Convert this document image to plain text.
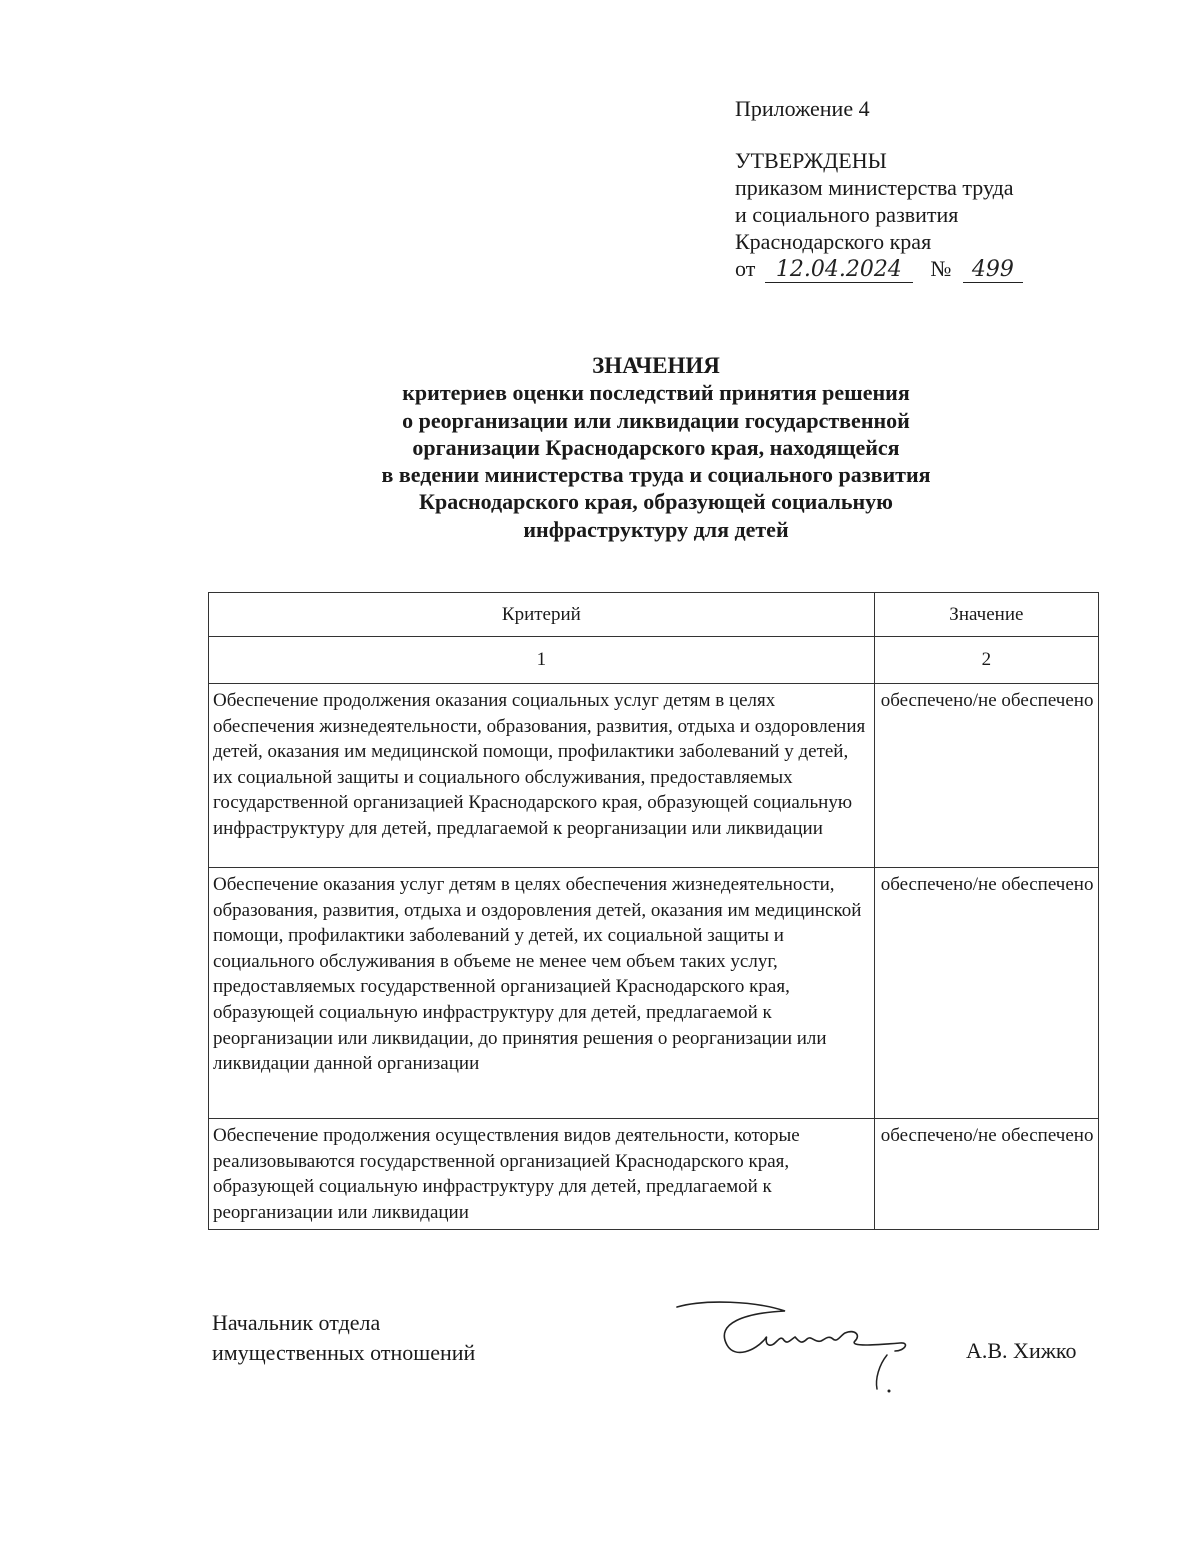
Приложение 4
УТВЕРЖДЕНЫ
приказом министерства труда
и социального развития
Краснодарского края
от 12.04.2024 № 499
ЗНАЧЕНИЯ
критериев оценки последствий принятия решения
о реорганизации или ликвидации государственной
организации Краснодарского края, находящейся
в ведении министерства труда и социального развития
Краснодарского края, образующей социальную
инфраструктуру для детей
Критерий	Значение
1	2

Обеспечение продолжения оказания социальных услуг детям в целях обеспечения жизнедеятельности, образования, развития, отдыха и оздоровления детей, оказания им медицинской помощи, профилактики заболеваний у детей, их социальной защиты и социального обслуживания, предоставляемых государственной организацией Краснодарского края, образующей социальную инфраструктуру для детей, предлагаемой к реорганизации или ликвидации	обеспечено/не обеспечено

Обеспечение оказания услуг детям в целях обеспечения жизнедеятельности, образования, развития, отдыха и оздоровления детей, оказания им медицинской помощи, профилактики заболеваний у детей, их социальной защиты и социального обслуживания в объеме не менее чем объем таких услуг, предоставляемых государственной организацией Краснодарского края, образующей социальную инфраструктуру для детей, предлагаемой к реорганизации или ликвидации, до принятия решения о реорганизации или ликвидации данной организации	обеспечено/не обеспечено

Обеспечение продолжения осуществления видов деятельности, которые реализовываются государственной организацией Краснодарского края, образующей социальную инфраструктуру для детей, предлагаемой к реорганизации или ликвидации	обеспечено/не обеспечено
Начальник отдела
имущественных отношений	А.В. Хижко
